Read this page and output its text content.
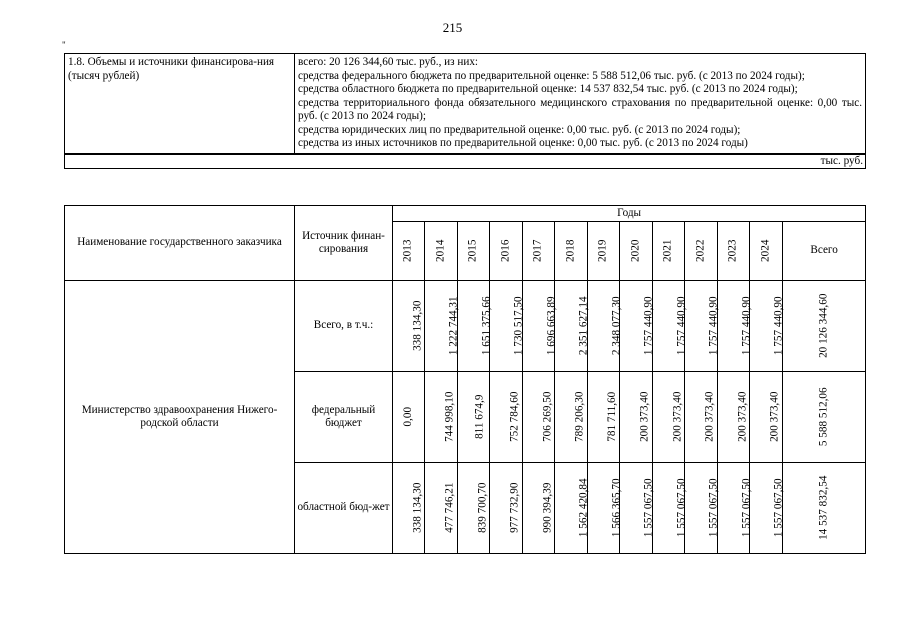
215
"
1.8. Объемы и источники финансирова-ния (тысяч рублей)	
всего: 20 126 344,60 тыс. руб., из них:
средства федерального бюджета по предварительной оценке: 5 588 512,06 тыс. руб. (с 2013 по 2024 годы);
средства областного бюджета по предварительной оценке: 14 537 832,54 тыс. руб. (с 2013 по 2024 годы);
средства территориального фонда обязательного медицинского страхования по предварительной оценке: 0,00 тыс. руб. (с 2013 по 2024 годы);
средства юридических лиц по предварительной оценке: 0,00 тыс. руб. (с 2013 по 2024 годы);
средства из иных источников по предварительной оценке: 0,00 тыс. руб. (с 2013 по 2024 годы)

тыс. руб.
Наименование государственного заказчика	Источник финан-сирования	Годы												
		2013	2014	2015	2016	2017	2018	2019	2020	2021	2022	2023	2024	Всего
Министерство здравоохранения Нижего-родской области	Всего, в т.ч.:	338 134,30	1 222 744,31	1 651 375,66	1 730 517,50	1 696 663,89	2 351 627,14	2 348 077,30	1 757 440,90	1 757 440,90	1 757 440,90	1 757 440,90	1 757 440,90	20 126 344,60
	федеральный бюджет	0,00	744 998,10	811 674,9	752 784,60	706 269,50	789 206,30	781 711,60	200 373,40	200 373,40	200 373,40	200 373,40	200 373,40	5 588 512,06
	областной бюд-жет	338 134,30	477 746,21	839 700,70	977 732,90	990 394,39	1 562 420,84	1 566 365,70	1 557 067,50	1 557 067,50	1 557 067,50	1 557 067,50	1 557 067,50	14 537 832,54
